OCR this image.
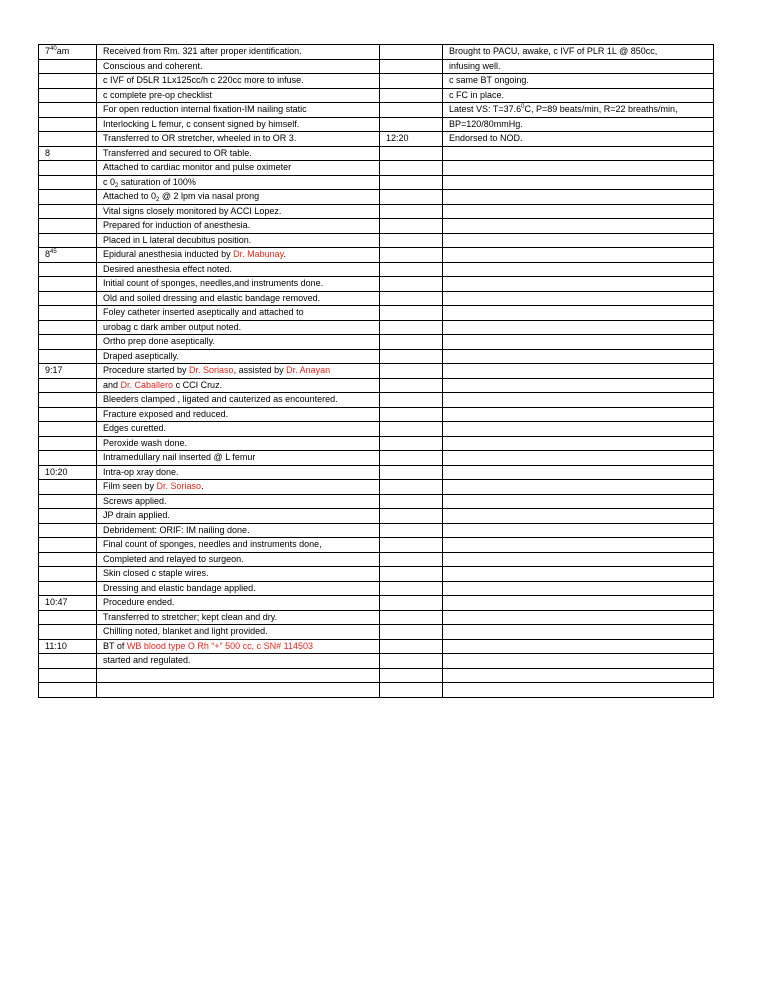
$7^{40}am$	Received from Rm. 321 after proper identification.		Brought to PACU, awake, c IVF of PLR 1L @ 850cc,
	Conscious and coherent.		infusing well.
	c IVF of D5LR 1Lx125cc/h c 220cc more to infuse.		c same BT ongoing.
	c complete pre-op checklist		c FC in place.
	For open reduction internal fixation-IM nailing static		Latest VS: $T=37.6^0C$, P=89 beats/min, R=22 breaths/min,
	Interlocking L femur, c consent signed by himself.		BP=120/80mmHg.
	Transferred to OR stretcher, wheeled in to OR 3.	12:20	Endorsed to NOD.
8	Transferred and secured to OR table.		
	Attached to cardiac monitor and pulse oximeter		
	c $0_2$ saturation of 100%		
	Attached to $0_2$ @ 2 lpm via nasal prong		
	Vital signs closely monitored by ACCI Lopez.		
	Prepared for induction of anesthesia.		
	Placed in L lateral decubitus position.		
$8^{45}$	Epidural anesthesia inducted by Dr. Mabunay.		
	Desired anesthesia effect noted.		
	Initial count of sponges, needles,and instruments done.		
	Old and soiled dressing and elastic bandage removed.		
	Foley catheter inserted aseptically and attached to		
	urobag c dark amber output noted.		
	Ortho prep done aseptically.		
	Draped aseptically.		
9:17	Procedure started by Dr. Soriaso, assisted by Dr. Anayan		
	and Dr. Caballero c CCI Cruz.		
	Bleeders clamped , ligated and cauterized as encountered.		
	Fracture exposed and reduced.		
	Edges curetted.		
	Peroxide wash done.		
	Intramedullary nail inserted @ L femur		
10:20	Intra-op xray done.		
	Film seen by Dr. Soriaso.		
	Screws applied.		
	JP drain applied.		
	Debridement: ORIF: IM nailing done.		
	Final count of sponges, needles and instruments done,		
	Completed and relayed to surgeon.		
	Skin closed c staple wires.		
	Dressing and elastic bandage applied.		
10:47	Procedure ended.		
	Transferred to stretcher; kept clean and dry.		
	Chilling noted, blanket and light provided.		
11:10	BT of WB blood type O Rh “+” 500 cc, c SN# 114503		
	started and regulated.		
